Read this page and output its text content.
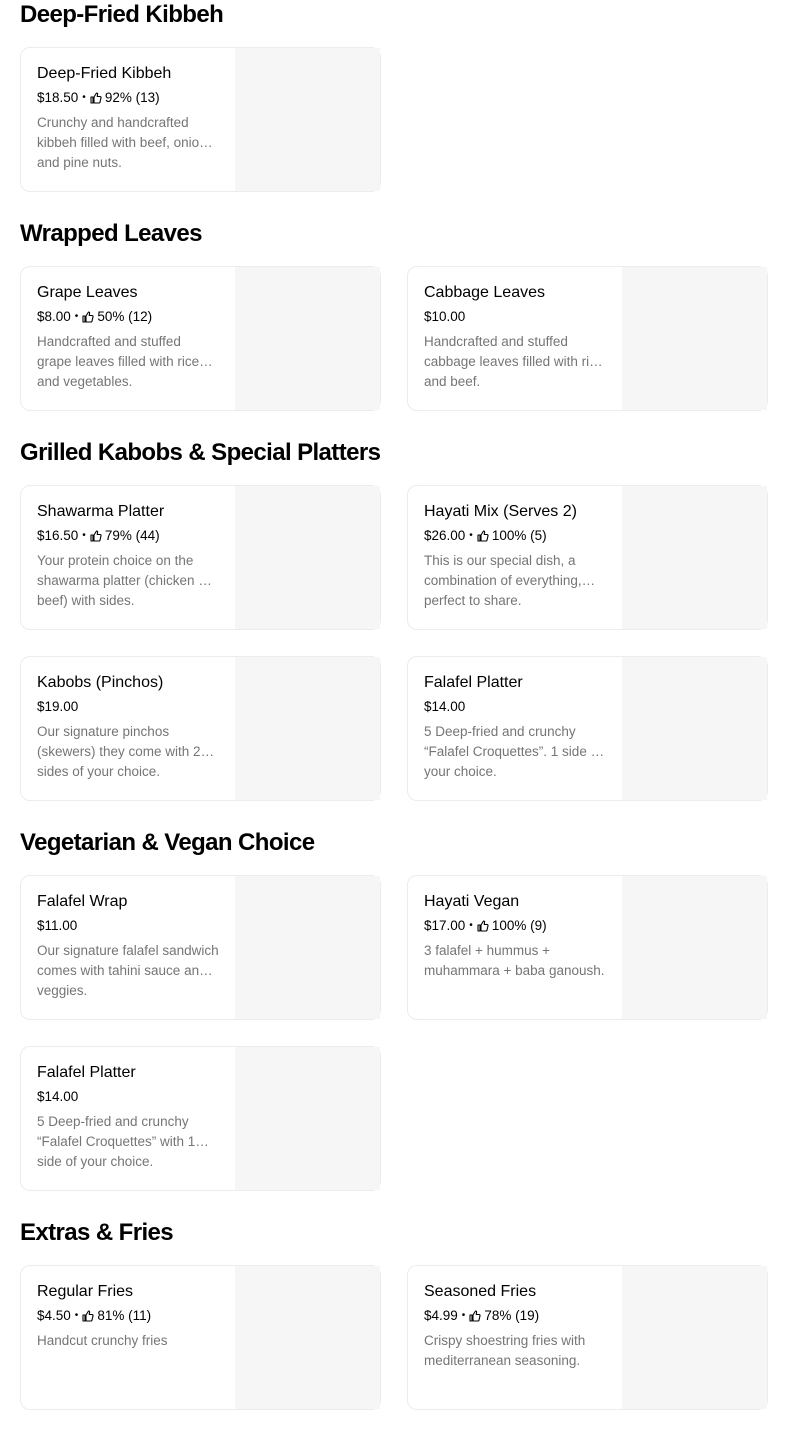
Deep-Fried Kibbeh
Deep-Fried Kibbeh
$18.50 • 92% (13)
Crunchy and handcrafted kibbeh filled with beef, onions and pine nuts.
Wrapped Leaves
Grape Leaves
$8.00 • 50% (12)
Handcrafted and stuffed grape leaves filled with rice and vegetables.
Cabbage Leaves
$10.00
Handcrafted and stuffed cabbage leaves filled with rice and beef.
Grilled Kabobs & Special Platters
Shawarma Platter
$16.50 • 79% (44)
Your protein choice on the shawarma platter (chicken or beef) with sides.
Hayati Mix (Serves 2)
$26.00 • 100% (5)
This is our special dish, a combination of everything, perfect to share.
Kabobs (Pinchos)
$19.00
Our signature pinchos (skewers) they come with 2 sides of your choice.
Falafel Platter
$14.00
5 Deep-fried and crunchy “Falafel Croquettes”. 1 side of your choice.
Vegetarian & Vegan Choice
Falafel Wrap
$11.00
Our signature falafel sandwich comes with tahini sauce and veggies.
Hayati Vegan
$17.00 • 100% (9)
3 falafel + hummus + muhammara + baba ganoush.
Falafel Platter
$14.00
5 Deep-fried and crunchy “Falafel Croquettes” with 1 side of your choice.
Extras & Fries
Regular Fries
$4.50 • 81% (11)
Handcut crunchy fries
Seasoned Fries
$4.99 • 78% (19)
Crispy shoestring fries with mediterranean seasoning.
